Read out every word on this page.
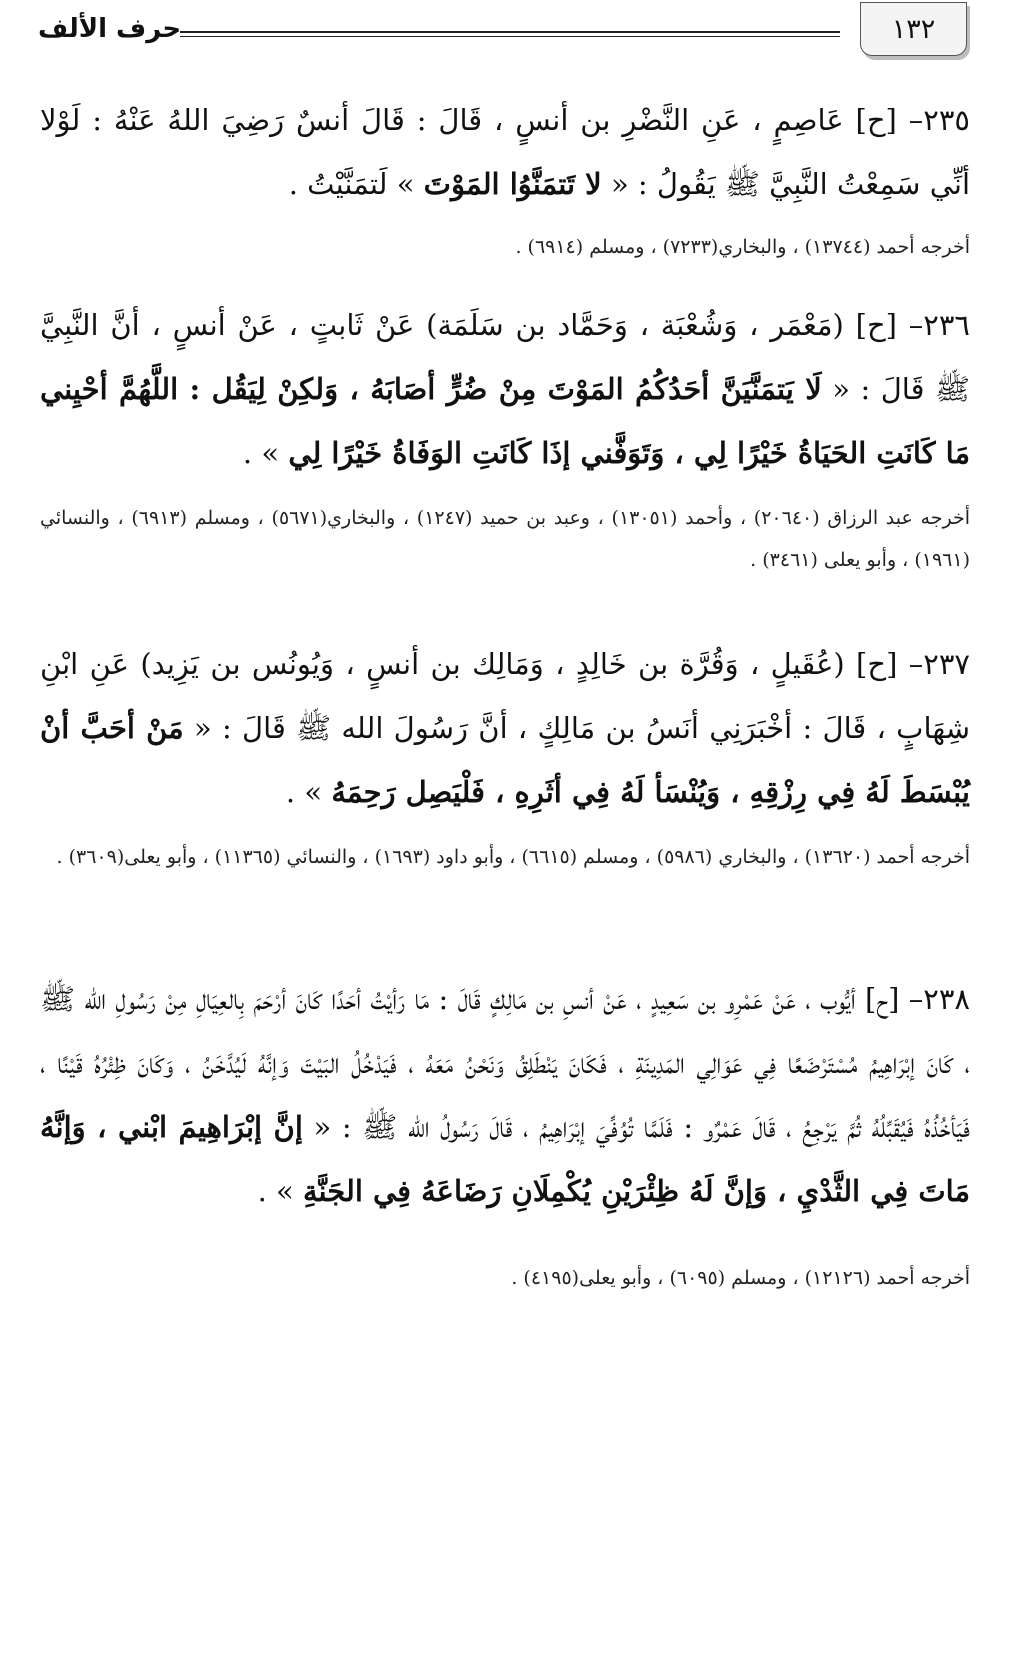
١٣٢
حرف الألف

٢٣٥– [ح] عَاصِمٍ ، عَنِ النَّضْرِ بن أنسٍ ، قَالَ : قَالَ أنسٌ رَضِيَ اللهُ عَنْهُ : لَوْلا أنِّي سَمِعْتُ النَّبِيَّ ﷺ يَقُولُ : « لا تَتمَنَّوُا المَوْتَ » لَتمَنَّيْتُ .

أخرجه أحمد (١٣٧٤٤) ، والبخاري(٧٢٣٣) ، ومسلم (٦٩١٤) .

٢٣٦– [ح] (مَعْمَر ، وَشُعْبَة ، وَحَمَّاد بن سَلَمَة) عَنْ ثَابتٍ ، عَنْ أنسٍ ، أنَّ النَّبِيَّ ﷺ قَالَ : « لَا يَتمَنَّيَنَّ أحَدُكُمُ المَوْتَ مِنْ ضُرٍّ أصَابَهُ ، وَلكِنْ لِيَقُل : اللَّهُمَّ أحْيِني مَا كَانَتِ الحَيَاةُ خَيْرًا لِي ، وَتَوَفَّني إذَا كَانَتِ الوَفَاةُ خَيْرًا لِي » .

أخرجه عبد الرزاق (٢٠٦٤٠) ، وأحمد (١٣٠٥١) ، وعبد بن حميد (١٢٤٧) ، والبخاري(٥٦٧١) ، ومسلم (٦٩١٣) ، والنسائي (١٩٦١) ، وأبو يعلى (٣٤٦١) .

٢٣٧– [ح] (عُقَيلٍ ، وَقُرَّة بن خَالِدٍ ، وَمَالِك بن أنسٍ ، وَيُونُس بن يَزِيد) عَنِ ابْنِ شِهَابٍ ، قَالَ : أخْبَرَنِي أنَسُ بن مَالِكٍ ، أنَّ رَسُولَ الله ﷺ قَالَ : « مَنْ أحَبَّ أنْ يُبْسَطَ لَهُ فِي رِزْقِهِ ، وَيُنْسَأ لَهُ فِي أثَرِهِ ، فَلْيَصِل رَحِمَهُ » .

أخرجه أحمد (١٣٦٢٠) ، والبخاري (٥٩٨٦) ، ومسلم (٦٦١٥) ، وأبو داود (١٦٩٣) ، والنسائي (١١٣٦٥) ، وأبو يعلى(٣٦٠٩) .

٢٣٨– [ح] أيُّوب ، عَنْ عَمْرِو بن سَعِيدٍ ، عَنْ أنسِ بن مَالِكٍ قَالَ : مَا رَأيْتُ أحَدًا كَانَ أرْحَمَ بِالعِيَالِ مِنْ رَسُولِ الله ﷺ ، كَانَ إبْرَاهِيمُ مُسْتَرْضَعًا فِي عَوَالِي المَدِينَةِ ، فَكَانَ يَنْطَلِقُ وَنَحْنُ مَعَهُ ، فَيَدْخُلُ البَيْتَ وَإنَّهُ لَيُدَّخَنُ ، وَكَانَ ظِئْرُهُ قَيْنًا ، فَيَأخُذُهُ فَيُقَبِّلُهُ ثُمَّ يَرْجِعُ ، قَالَ عَمْرٌو : فَلَمَّا تُوُفِّيَ إبْرَاهِيمُ ، قَالَ رَسُولُ الله ﷺ : « إنَّ إبْرَاهِيمَ ابْني ، وَإنَّهُ مَاتَ فِي الثَّدْيِ ، وَإنَّ لَهُ ظِئْرَيْنِ يُكْمِلَانِ رَضَاعَهُ فِي الجَنَّةِ » .

أخرجه أحمد (١٢١٢٦) ، ومسلم (٦٠٩٥) ، وأبو يعلى(٤١٩٥) .
